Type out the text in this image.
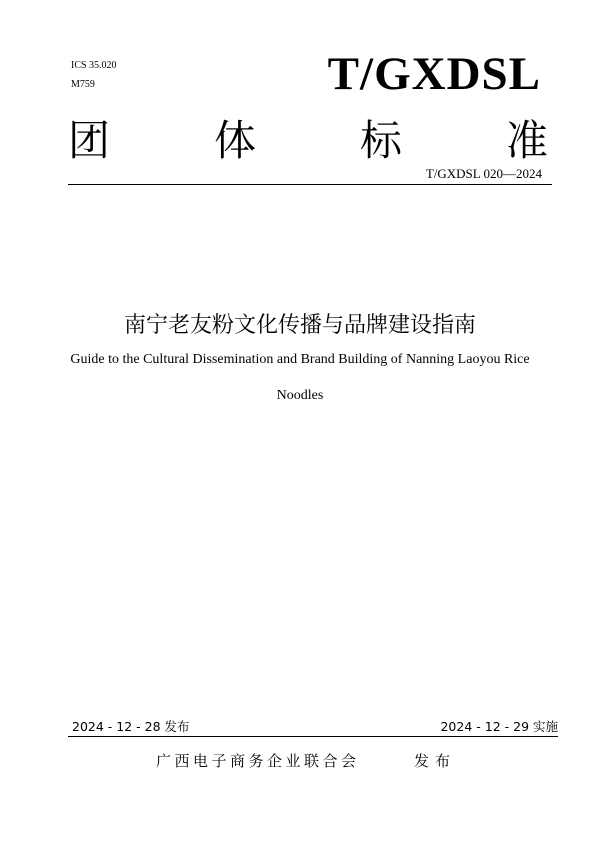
ICS 35.020
M759	T/GXDSL
团 体 标 准
T/GXDSL 020—2024
南宁老友粉文化传播与品牌建设指南
Guide to the Cultural Dissemination and Brand Building of Nanning Laoyou Rice
Noodles
2024 - 12 - 28 发布	2024 - 12 - 29 实施
广西电子商务企业联合会	发布
